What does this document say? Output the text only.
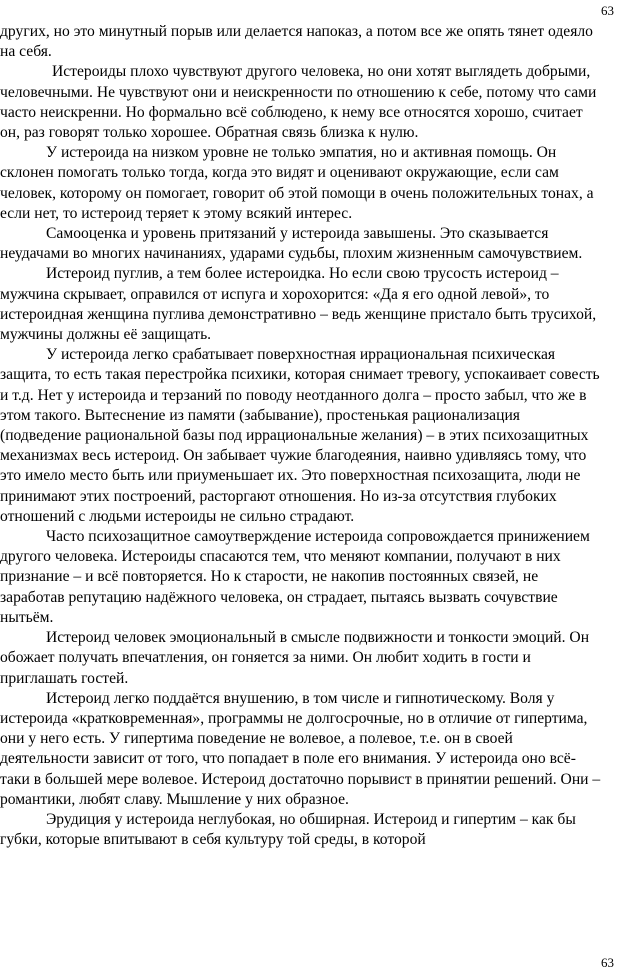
63

других, но это минутный порыв или делается напоказ, а потом все же опять тянет одеяло на себя.

Истероиды плохо чувствуют другого человека, но они хотят выглядеть добрыми, человечными. Не чувствуют они и неискренности по отношению к себе, потому что сами часто неискренни. Но формально всё соблюдено, к нему все относятся хорошо, считает он, раз говорят только хорошее. Обратная связь близка к нулю.

У истероида на низком уровне не только эмпатия, но и активная помощь. Он склонен помогать только тогда, когда это видят и оценивают окружающие, если сам человек, которому он помогает, говорит об этой помощи в очень положительных тонах, а если нет, то истероид теряет к этому всякий интерес.

Самооценка и уровень притязаний у истероида завышены. Это сказывается неудачами во многих начинаниях, ударами судьбы, плохим жизненным самочувствием.

Истероид пуглив, а тем более истероидка. Но если свою трусость истероид – мужчина скрывает, оправился от испуга и хорохорится: «Да я его одной левой», то истероидная женщина пуглива демонстративно – ведь женщине пристало быть трусихой, мужчины должны её защищать.

У истероида легко срабатывает поверхностная иррациональная психическая защита, то есть такая перестройка психики, которая снимает тревогу, успокаивает совесть и т.д. Нет у истероида и терзаний по поводу неотданного долга – просто забыл, что же в этом такого. Вытеснение из памяти (забывание), простенькая рационализация (подведение рациональной базы под иррациональные желания) – в этих психозащитных механизмах весь истероид. Он забывает чужие благодеяния, наивно удивляясь тому, что это имело место быть или приуменьшает их. Это поверхностная психозащита, люди не принимают этих построений, расторгают отношения. Но из-за отсутствия глубоких отношений с людьми истероиды не сильно страдают.

Часто психозащитное самоутверждение истероида сопровождается принижением другого человека. Истероиды спасаются тем, что меняют компании, получают в них признание – и всё повторяется. Но к старости, не накопив постоянных связей, не заработав репутацию надёжного человека, он страдает, пытаясь вызвать сочувствие нытьём.

Истероид человек эмоциональный в смысле подвижности и тонкости эмоций. Он обожает получать впечатления, он гоняется за ними. Он любит ходить в гости и приглашать гостей.

Истероид легко поддаётся внушению, в том числе и гипнотическому. Воля у истероида «кратковременная», программы не долгосрочные, но в отличие от гипертима, они у него есть. У гипертима поведение не волевое, а полевое, т.е. он в своей деятельности зависит от того, что попадает в поле его внимания. У истероида оно всё-таки в большей мере волевое. Истероид достаточно порывист в принятии решений. Они – романтики, любят славу. Мышление у них образное.

Эрудиция у истероида неглубокая, но обширная. Истероид и гипертим – как бы губки, которые впитывают в себя культуру той среды, в которой

63
